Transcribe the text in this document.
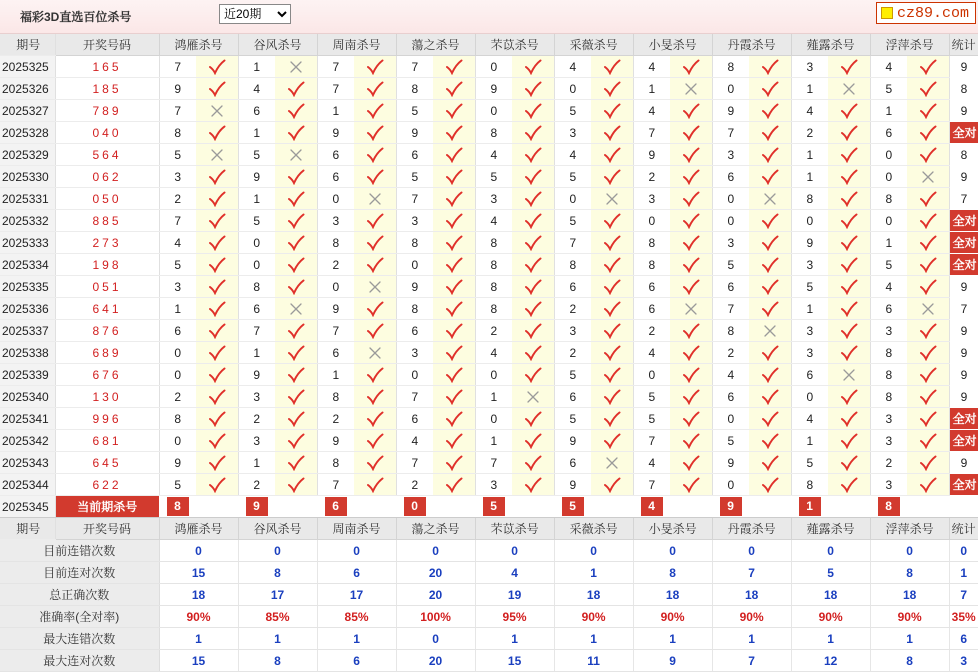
福彩3D直选百位杀号
近20期	cz89.com
期号	开奖号码	鸿雁杀号		谷风杀号		周南杀号		蕩之杀号		芣苡杀号		采薇杀号		小旻杀号		丹霞杀号		薤露杀号		浮萍杀号		统计
2025325	165	7		1		7		7		0		4		4		8		3		4		9
2025326	185	9		4		7		8		9		0		1		0		1		5		8
2025327	789	7		6		1		5		0		5		4		9		4		1		9
2025328	040	8		1		9		9		8		3		7		7		2		6		全对
2025329	564	5		5		6		6		4		4		9		3		1		0		8
2025330	062	3		9		6		5		5		5		2		6		1		0		9
2025331	050	2		1		0		7		3		0		3		0		8		8		7
2025332	885	7		5		3		3		4		5		0		0		0		0		全对
2025333	273	4		0		8		8		8		7		8		3		9		1		全对
2025334	198	5		0		2		0		8		8		8		5		3		5		全对
2025335	051	3		8		0		9		8		6		6		6		5		4		9
2025336	641	1		6		9		8		8		2		6		7		1		6		7
2025337	876	6		7		7		6		2		3		2		8		3		3		9
2025338	689	0		1		6		3		4		2		4		2		3		8		9
2025339	676	0		9		1		0		0		5		0		4		6		8		9
2025340	130	2		3		8		7		1		6		5		6		0		8		9
2025341	996	8		2		2		6		0		5		5		0		4		3		全对
2025342	681	0		3		9		4		1		9		7		5		1		3		全对
2025343	645	9		1		8		7		7		6		4		9		5		2		9
2025344	622	5		2		7		2		3		9		7		0		8		3		全对
2025345	当前期杀号	8		9		6		0		5		5		4		9		1		8		
期号	开奖号码	鸿雁杀号		谷风杀号		周南杀号		蕩之杀号		芣苡杀号		采薇杀号		小旻杀号		丹霞杀号		薤露杀号		浮萍杀号		统计
目前连错次数		0		0		0		0		0		0		0		0		0		0		0
目前连对次数		15		8		6		20		4		1		8		7		5		8		1
总正确次数		18		17		17		20		19		18		18		18		18		18		7
准确率(全对率)		90%		85%		85%		100%		95%		90%		90%		90%		90%		90%		35%
最大连错次数		1		1		1		0		1		1		1		1		1		1		6
最大连对次数		15		8		6		20		15		11		9		7		12		8		3
